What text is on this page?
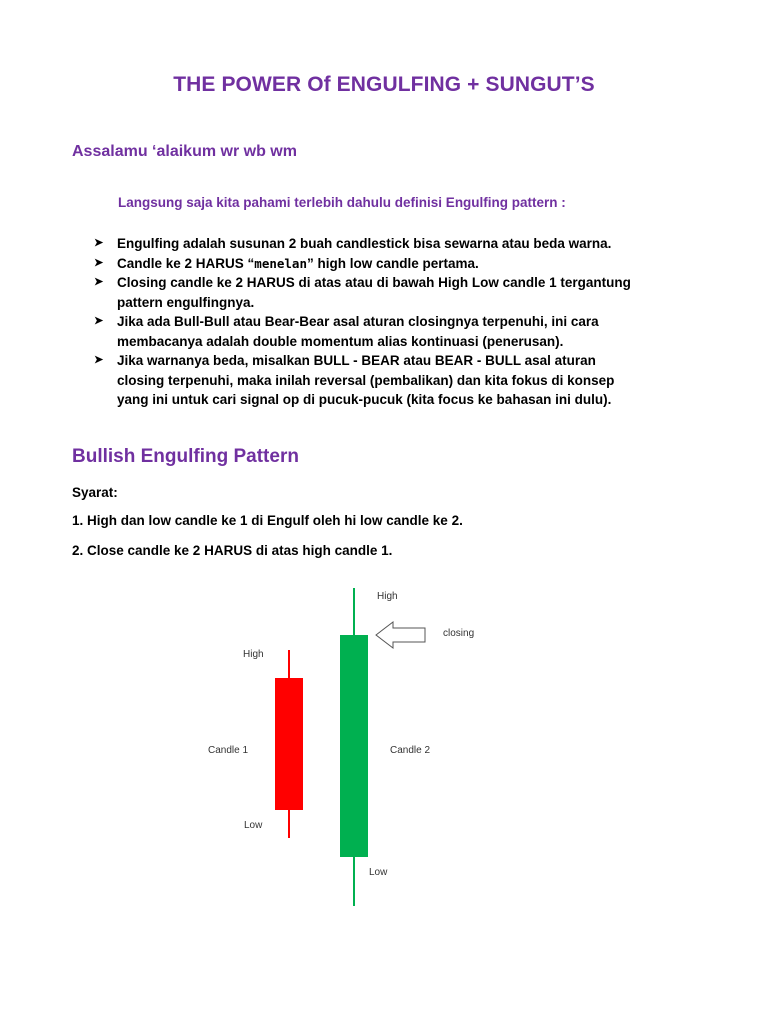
THE POWER Of ENGULFING + SUNGUT’S

Assalamu ‘alaikum wr wb wm

Langsung saja kita pahami terlebih dahulu definisi Engulfing pattern :

➤ Engulfing adalah susunan 2 buah candlestick bisa sewarna atau beda warna.
➤ Candle ke 2 HARUS “menelan” high low candle pertama.
➤ Closing candle ke 2 HARUS di atas atau di bawah High Low candle 1 tergantung
pattern engulfingnya.
➤ Jika ada Bull-Bull atau Bear-Bear asal aturan closingnya terpenuhi, ini cara
membacanya adalah double momentum alias kontinuasi (penerusan).
➤ Jika warnanya beda, misalkan BULL - BEAR atau BEAR - BULL asal aturan
closing terpenuhi, maka inilah reversal (pembalikan) dan kita fokus di konsep
yang ini untuk cari signal op di pucuk-pucuk (kita focus ke bahasan ini dulu).
Bullish Engulfing Pattern

Syarat:

1. High dan low candle ke 1 di Engulf oleh hi low candle ke 2.

2. Close candle ke 2 HARUS di atas high candle 1.

High
Candle 1
Low
High
Candle 2
Low
closing
